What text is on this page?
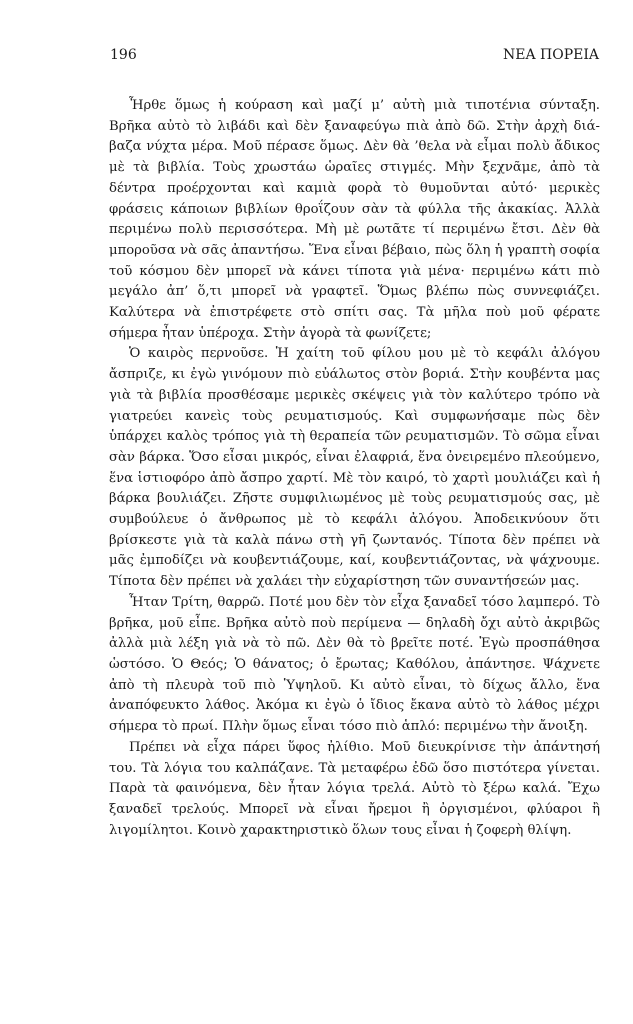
196	ΝΕΑ ΠΟΡΕΙΑ

Ἦρθε ὅμως ἡ κούραση καὶ μαζί μ’ αὐτὴ μιὰ τιποτένια σύνταξη. Βρῆκα αὐτὸ τὸ λιβάδι καὶ δὲν ξαναφεύγω πιὰ ἀπὸ δῶ. Στὴν ἀρχὴ διάβαζα νύχτα μέρα. Μοῦ πέρασε ὅμως. Δὲν θὰ ’θελα νὰ εἶμαι πολὺ ἄδικος μὲ τὰ βιβλία. Τοὺς χρωστάω ὡραῖες στιγμές. Μὴν ξεχνᾶμε, ἀπὸ τὰ δέντρα προέρχονται καὶ καμιὰ φορὰ τὸ θυμοῦνται αὐτό· μερικὲς φράσεις κάποιων βιβλίων θροΐζουν σὰν τὰ φύλλα τῆς ἀκακίας. Ἀλλὰ περιμένω πολὺ περισσότερα. Μὴ μὲ ρωτᾶτε τί περιμένω ἔτσι. Δὲν θὰ μποροῦσα νὰ σᾶς ἀπαντήσω. Ἕνα εἶναι βέβαιο, πὼς ὅλη ἡ γραπτὴ σοφία τοῦ κόσμου δὲν μπορεῖ νὰ κάνει τίποτα γιὰ μένα· περιμένω κάτι πιὸ μεγάλο ἀπ’ ὅ,τι μπορεῖ νὰ γραφτεῖ. Ὅμως βλέπω πὼς συννεφιάζει. Καλύτερα νὰ ἐπιστρέφετε στὸ σπίτι σας. Τὰ μῆλα ποὺ μοῦ φέρατε σήμερα ἦταν ὑπέροχα. Στὴν ἀγορὰ τὰ φωνίζετε;

Ὁ καιρὸς περνοῦσε. Ἡ χαίτη τοῦ φίλου μου μὲ τὸ κεφάλι ἀλόγου ἄσπριζε, κι ἐγὼ γινόμουν πιὸ εὐάλωτος στὸν βοριά. Στὴν κουβέντα μας γιὰ τὰ βιβλία προσθέσαμε μερικὲς σκέψεις γιὰ τὸν καλύτερο τρόπο νὰ γιατρεύει κανεὶς τοὺς ρευματισμούς. Καὶ συμφωνήσαμε πὼς δὲν ὑπάρχει καλὸς τρόπος γιὰ τὴ θεραπεία τῶν ρευματισμῶν. Τὸ σῶμα εἶναι σὰν βάρκα. Ὅσο εἶσαι μικρός, εἶναι ἐλαφριά, ἕνα ὀνειρεμένο πλεούμενο, ἕνα ἱστιοφόρο ἀπὸ ἄσπρο χαρτί. Μὲ τὸν καιρό, τὸ χαρτὶ μουλιάζει καὶ ἡ βάρκα βουλιάζει. Ζῆστε συμφιλιωμένος μὲ τοὺς ρευματισμούς σας, μὲ συμβούλευε ὁ ἄνθρωπος μὲ τὸ κεφάλι ἀλόγου. Ἀποδεικνύουν ὅτι βρίσκεστε γιὰ τὰ καλὰ πάνω στὴ γῆ ζωντανός. Τίποτα δὲν πρέπει νὰ μᾶς ἐμποδίζει νὰ κουβεντιάζουμε, καί, κουβεντιάζοντας, νὰ ψάχνουμε. Τίποτα δὲν πρέπει νὰ χαλάει τὴν εὐχαρίστηση τῶν συναντήσεών μας.

Ἦταν Τρίτη, θαρρῶ. Ποτέ μου δὲν τὸν εἶχα ξαναδεῖ τόσο λαμπερό. Τὸ βρῆκα, μοῦ εἶπε. Βρῆκα αὐτὸ ποὺ περίμενα — δηλαδὴ ὄχι αὐτὸ ἀκριβῶς ἀλλὰ μιὰ λέξη γιὰ νὰ τὸ πῶ. Δὲν θὰ τὸ βρεῖτε ποτέ. Ἐγὼ προσπάθησα ὡστόσο. Ὁ Θεός; Ὁ θάνατος; ὁ ἔρωτας; Καθόλου, ἀπάντησε. Ψάχνετε ἀπὸ τὴ πλευρὰ τοῦ πιὸ Ὑψηλοῦ. Κι αὐτὸ εἶναι, τὸ δίχως ἄλλο, ἕνα ἀναπόφευκτο λάθος. Ἀκόμα κι ἐγὼ ὁ ἴδιος ἔκανα αὐτὸ τὸ λάθος μέχρι σήμερα τὸ πρωί. Πλὴν ὅμως εἶναι τόσο πιὸ ἁπλό: περιμένω τὴν ἄνοιξη.

Πρέπει νὰ εἶχα πάρει ὕφος ἠλίθιο. Μοῦ διευκρίνισε τὴν ἀπάντησή του. Τὰ λόγια του καλπάζανε. Τὰ μεταφέρω ἐδῶ ὅσο πιστότερα γίνεται. Παρὰ τὰ φαινόμενα, δὲν ἦταν λόγια τρελά. Αὐτὸ τὸ ξέρω καλά. Ἔχω ξαναδεῖ τρελούς. Μπορεῖ νὰ εἶναι ἤρεμοι ἢ ὀργισμένοι, φλύαροι ἢ λιγομίλητοι. Κοινὸ χαρακτηριστικὸ ὅλων τους εἶναι ἡ ζοφερὴ θλίψη.
